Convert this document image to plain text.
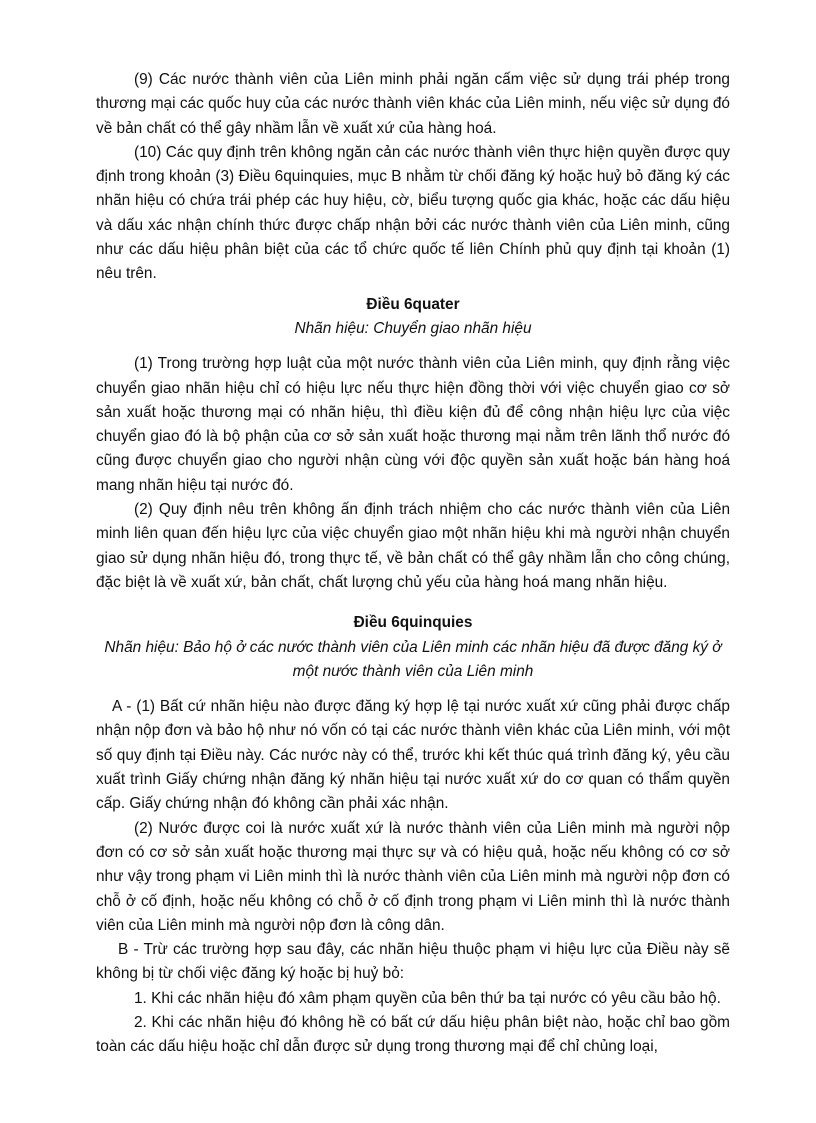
(9) Các nước thành viên của Liên minh phải ngăn cấm việc sử dụng trái phép trong thương mại các quốc huy của các nước thành viên khác của Liên minh, nếu việc sử dụng đó về bản chất có thể gây nhầm lẫn về xuất xứ của hàng hoá.

(10) Các quy định trên không ngăn cản các nước thành viên thực hiện quyền được quy định trong khoản (3) Điều 6quinquies, mục B nhằm từ chối đăng ký hoặc huỷ bỏ đăng ký các nhãn hiệu có chứa trái phép các huy hiệu, cờ, biểu tượng quốc gia khác, hoặc các dấu hiệu và dấu xác nhận chính thức được chấp nhận bởi các nước thành viên của Liên minh, cũng như các dấu hiệu phân biệt của các tổ chức quốc tế liên Chính phủ quy định tại khoản (1) nêu trên.

Điều 6quater

Nhãn hiệu: Chuyển giao nhãn hiệu

(1) Trong trường hợp luật của một nước thành viên của Liên minh, quy định rằng việc chuyển giao nhãn hiệu chỉ có hiệu lực nếu thực hiện đồng thời với việc chuyển giao cơ sở sản xuất hoặc thương mại có nhãn hiệu, thì điều kiện đủ để công nhận hiệu lực của việc chuyển giao đó là bộ phận của cơ sở sản xuất hoặc thương mại nằm trên lãnh thổ nước đó cũng được chuyển giao cho người nhận cùng với độc quyền sản xuất hoặc bán hàng hoá mang nhãn hiệu tại nước đó.

(2) Quy định nêu trên không ấn định trách nhiệm cho các nước thành viên của Liên minh liên quan đến hiệu lực của việc chuyển giao một nhãn hiệu khi mà người nhận chuyển giao sử dụng nhãn hiệu đó, trong thực tế, về bản chất có thể gây nhầm lẫn cho công chúng, đặc biệt là về xuất xứ, bản chất, chất lượng chủ yếu của hàng hoá mang nhãn hiệu.

Điều 6quinquies

Nhãn hiệu: Bảo hộ ở các nước thành viên của Liên minh các nhãn hiệu đã được đăng ký ở một nước thành viên của Liên minh

A - (1) Bất cứ nhãn hiệu nào được đăng ký hợp lệ tại nước xuất xứ cũng phải được chấp nhận nộp đơn và bảo hộ như nó vốn có tại các nước thành viên khác của Liên minh, với một số quy định tại Điều này. Các nước này có thể, trước khi kết thúc quá trình đăng ký, yêu cầu xuất trình Giấy chứng nhận đăng ký nhãn hiệu tại nước xuất xứ do cơ quan có thẩm quyền cấp. Giấy chứng nhận đó không cần phải xác nhận.

(2) Nước được coi là nước xuất xứ là nước thành viên của Liên minh mà người nộp đơn có cơ sở sản xuất hoặc thương mại thực sự và có hiệu quả, hoặc nếu không có cơ sở như vậy trong phạm vi Liên minh thì là nước thành viên của Liên minh mà người nộp đơn có chỗ ở cố định, hoặc nếu không có chỗ ở cố định trong phạm vi Liên minh thì là nước thành viên của Liên minh mà người nộp đơn là công dân.

B - Trừ các trường hợp sau đây, các nhãn hiệu thuộc phạm vi hiệu lực của Điều này sẽ không bị từ chối việc đăng ký hoặc bị huỷ bỏ:

1. Khi các nhãn hiệu đó xâm phạm quyền của bên thứ ba tại nước có yêu cầu bảo hộ.

2. Khi các nhãn hiệu đó không hề có bất cứ dấu hiệu phân biệt nào, hoặc chỉ bao gồm toàn các dấu hiệu hoặc chỉ dẫn được sử dụng trong thương mại để chỉ chủng loại,
